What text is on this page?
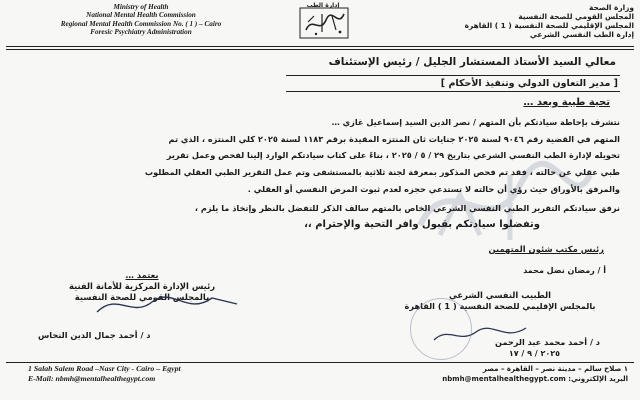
Ministry of Health
National Mental Health Commission
Regional Mental Health Commission No. ( 1 ) – Cairo
Foresic Psychiatry Administration
إدارة الطب	وزارة الصحة
المجلس القومي للصحة النفسية
المجلس الإقليمي للصحة النفسية ( 1 ) القاهرة
إدارة الطب النفسي الشرعي
معالي السيد الأستاذ المستشار الجليل / رئيس الإستئناف
[ مدير التعاون الدولي وتنفيذ الأحكام ]
تحية طيبة وبعد …
نتشرف بإحاطة سيادتكم بأن المتهم / نصر الدين السيد إسماعيل غازي …
المتهم في القضية رقم ٩٠٤٦ لسنة ٢٠٢٥ جنايات ثان المنتزه المقيدة برقم ١١٨٣ لسنة ٢٠٢٥ كلي المنتزه ، الذي تم
تحويله لإدارة الطب النفسي الشرعي بتاريخ ٢٩ / ٥ / ٢٠٢٥ ، بناءً على كتاب سيادتكم الوارد إلينا لفحص وعمل تقرير
طبي عقلي عن حالته ، فقد تم فحص المذكور بمعرفة لجنة ثلاثية بالمستشفى وتم عمل التقرير الطبي العقلي المطلوب
والمرفق بالأوراق حيث رؤي أن حالته لا تستدعي حجزه لعدم ثبوت المرض النفسي أو العقلي .
نرفق سيادتكم التقرير الطبي النفسي الشرعي الخاص بالمتهم سالف الذكر للتفضل بالنظر وإتخاذ ما يلزم ،
وتفضلوا سيادتكم بقبول وافر التحية والإحترام ،،
رئيس مكتب شئون المتهمين
أ / رمضان نضل محمد
يعتمد …
رئيس الإدارة المركزية للأمانة الفنية
بالمجلس القومي للصحة النفسية
د / أحمد جمال الدين النحاس
الطبيب النفسي الشرعي
بالمجلس الإقليمي للصحة النفسية ( 1 ) القاهرة
د / أحمد محمد عبد الرحمن
٢٠٢٥ / ٩ / ١٧
1 Salah Salem Road –Nasr City - Cairo – Egypt
E-Mail: nbmh@mentalhealthegypt.com
١ صلاح سالم – مدينة نصر – القاهرة – مصر
البريد الإلكتروني: nbmh@mentalhealthegypt.com
